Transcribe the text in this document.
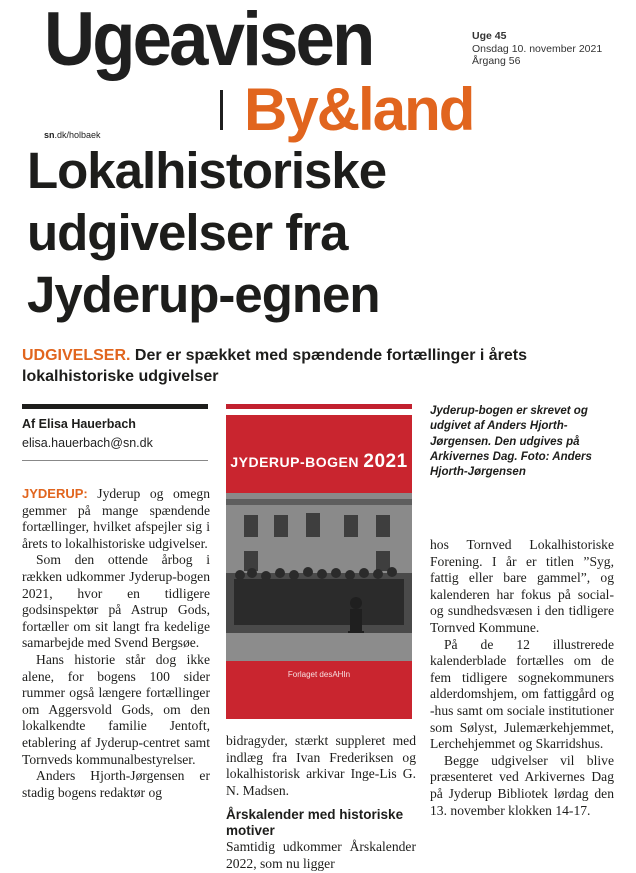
Ugeavisen
By&land
Uge 45
Onsdag 10. november 2021
Årgang 56
sn.dk/holbaek
Lokalhistoriske
udgivelser fra
Jyderup-egnen
UDGIVELSER. Der er spækket med spændende fortællinger i årets lokalhistoriske udgivelser
Af Elisa Hauerbach
elisa.hauerbach@sn.dk

JYDERUP: Jyderup og omegn gemmer på mange spændende fortællinger, hvilket afspejler sig i årets to lokalhistoriske udgivelser.

Som den ottende årbog i rækken udkommer Jyderup-bogen 2021, hvor en tidligere godsinspektør på Astrup Gods, fortæller om sit langt fra kedelige samarbejde med Svend Bergsøe.

Hans historie står dog ikke alene, for bogens 100 sider rummer også længere fortællinger om Aggersvold Gods, om den lokalkendte familie Jentoft, etablering af Jyderup-centret samt Tornveds kommunalbestyrelser.

Anders Hjorth-Jørgensen er stadig bogens redaktør og

JYDERUP-BOGEN 2021
Forlaget desAHIn
Jyderup-bogen er skrevet og udgivet af Anders Hjorth-Jørgensen. Den udgives på Arkivernes Dag. Foto: Anders Hjorth-Jørgensen

bidragyder, stærkt suppleret med indlæg fra Ivan Frederiksen og lokalhistorisk arkivar Inge-Lis G. N. Madsen.

Årskalender med historiske motiver

Samtidig udkommer Årskalender 2022, som nu ligger

hos Tornved Lokalhistoriske Forening. I år er titlen ”Syg, fattig eller bare gammel”, og kalenderen har fokus på social- og sundhedsvæsen i den tidligere Tornved Kommune.

På de 12 illustrerede kalenderblade fortælles om de fem tidligere sognekommuners alderdomshjem, om fattiggård og -hus samt om sociale institutioner som Sølyst, Julemærkehjemmet, Lerchehjemmet og Skarridshus.

Begge udgivelser vil blive præsenteret ved Arkivernes Dag på Jyderup Bibliotek lørdag den 13. november klokken 14-17.
